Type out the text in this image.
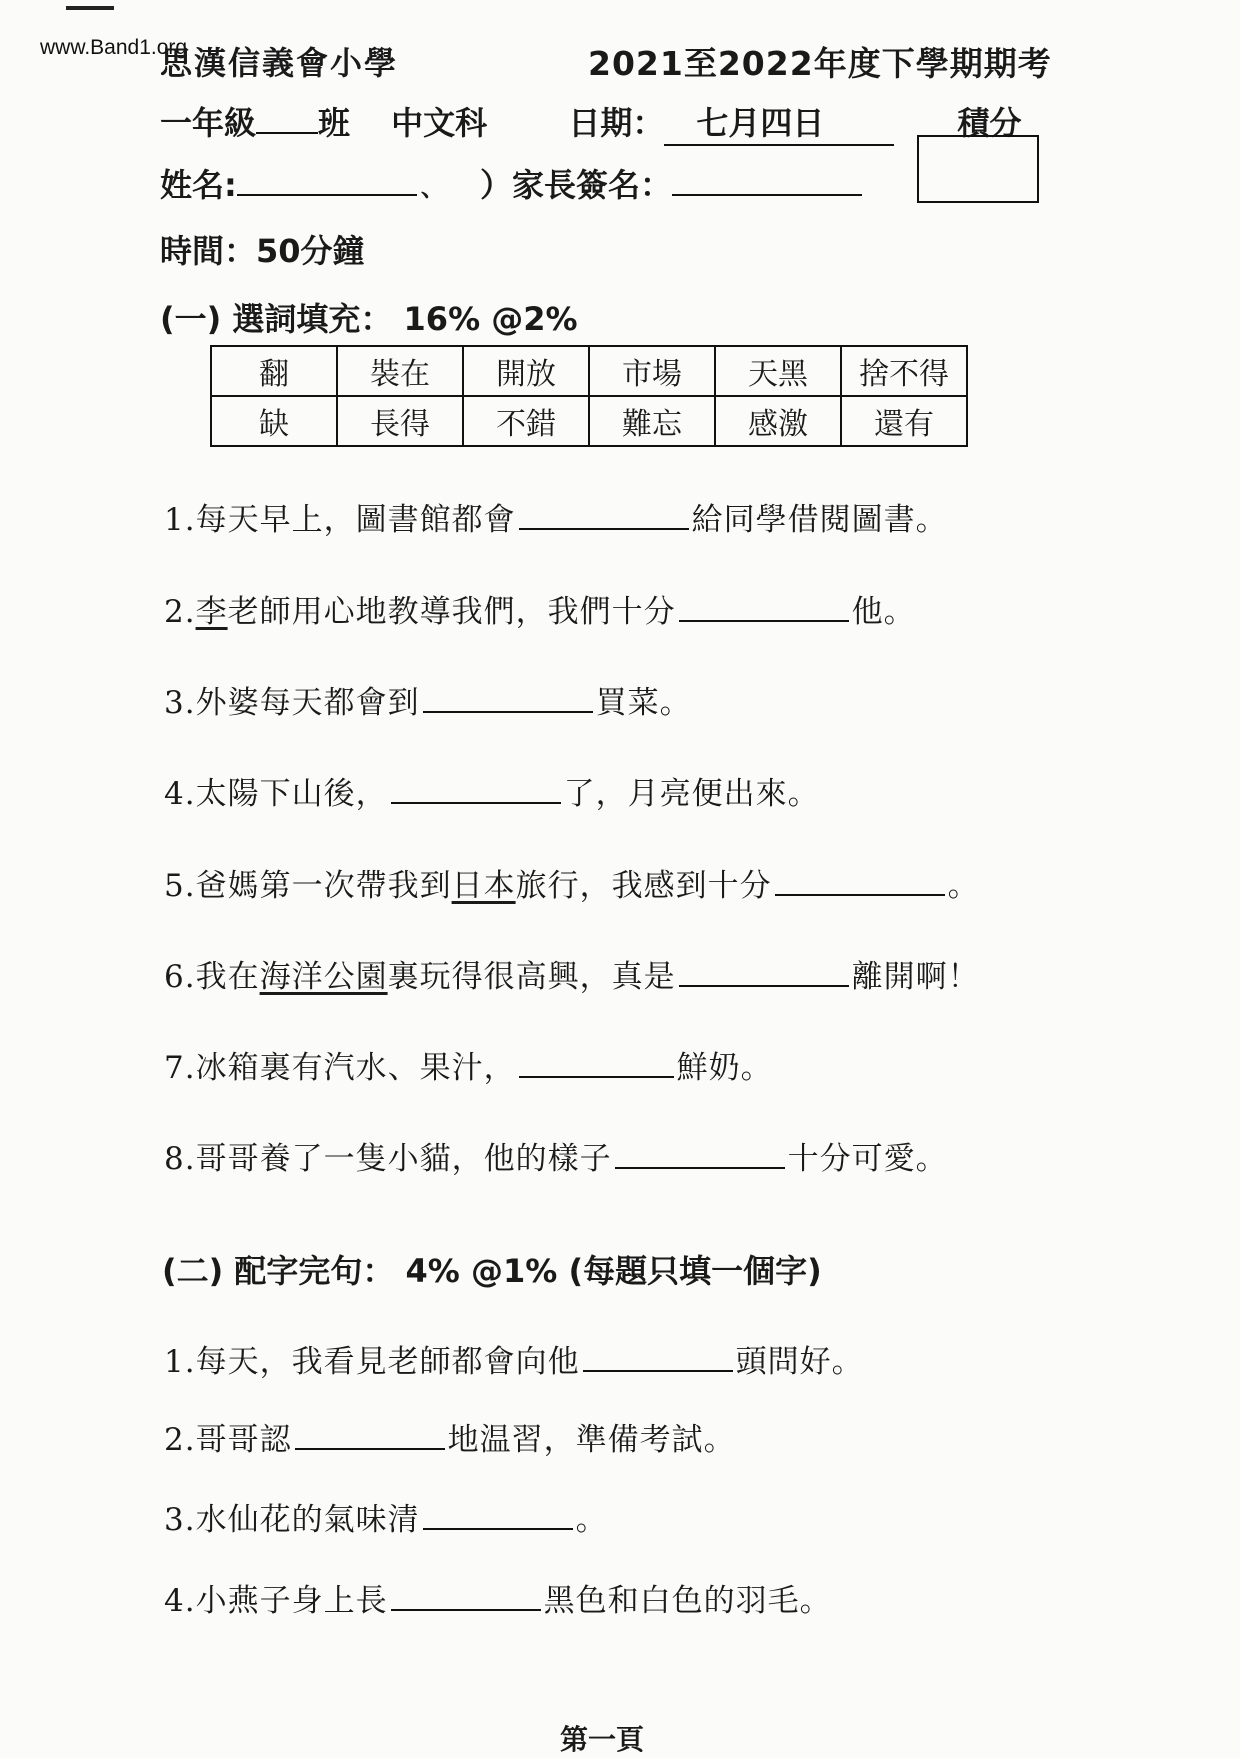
www.Band1.org
思漢信義會小學	2021至2022年度下學期期考
一年級 班 中文科	日期： 七月四日	積分
姓名:	、 ）家長簽名：
時間：50分鐘
(一) 選詞填充： 16% @2%
翻	裝在	開放	市場	天黑	捨不得
缺	長得	不錯	難忘	感激	還有
1.每天早上，圖書館都會	給同學借閱圖書。
2.李老師用心地教導我們，我們十分	他。
3.外婆每天都會到	買菜。
4.太陽下山後，	了，月亮便出來。
5.爸媽第一次帶我到日本旅行，我感到十分	。
6.我在海洋公園裏玩得很高興，真是	離開啊！
7.冰箱裏有汽水、果汁，	鮮奶。
8.哥哥養了一隻小貓，他的樣子	十分可愛。
(二) 配字完句： 4% @1% (每題只填一個字)
1.每天，我看見老師都會向他	頭問好。
2.哥哥認	地温習，準備考試。
3.水仙花的氣味清	。
4.小燕子身上長	黑色和白色的羽毛。
第一頁
